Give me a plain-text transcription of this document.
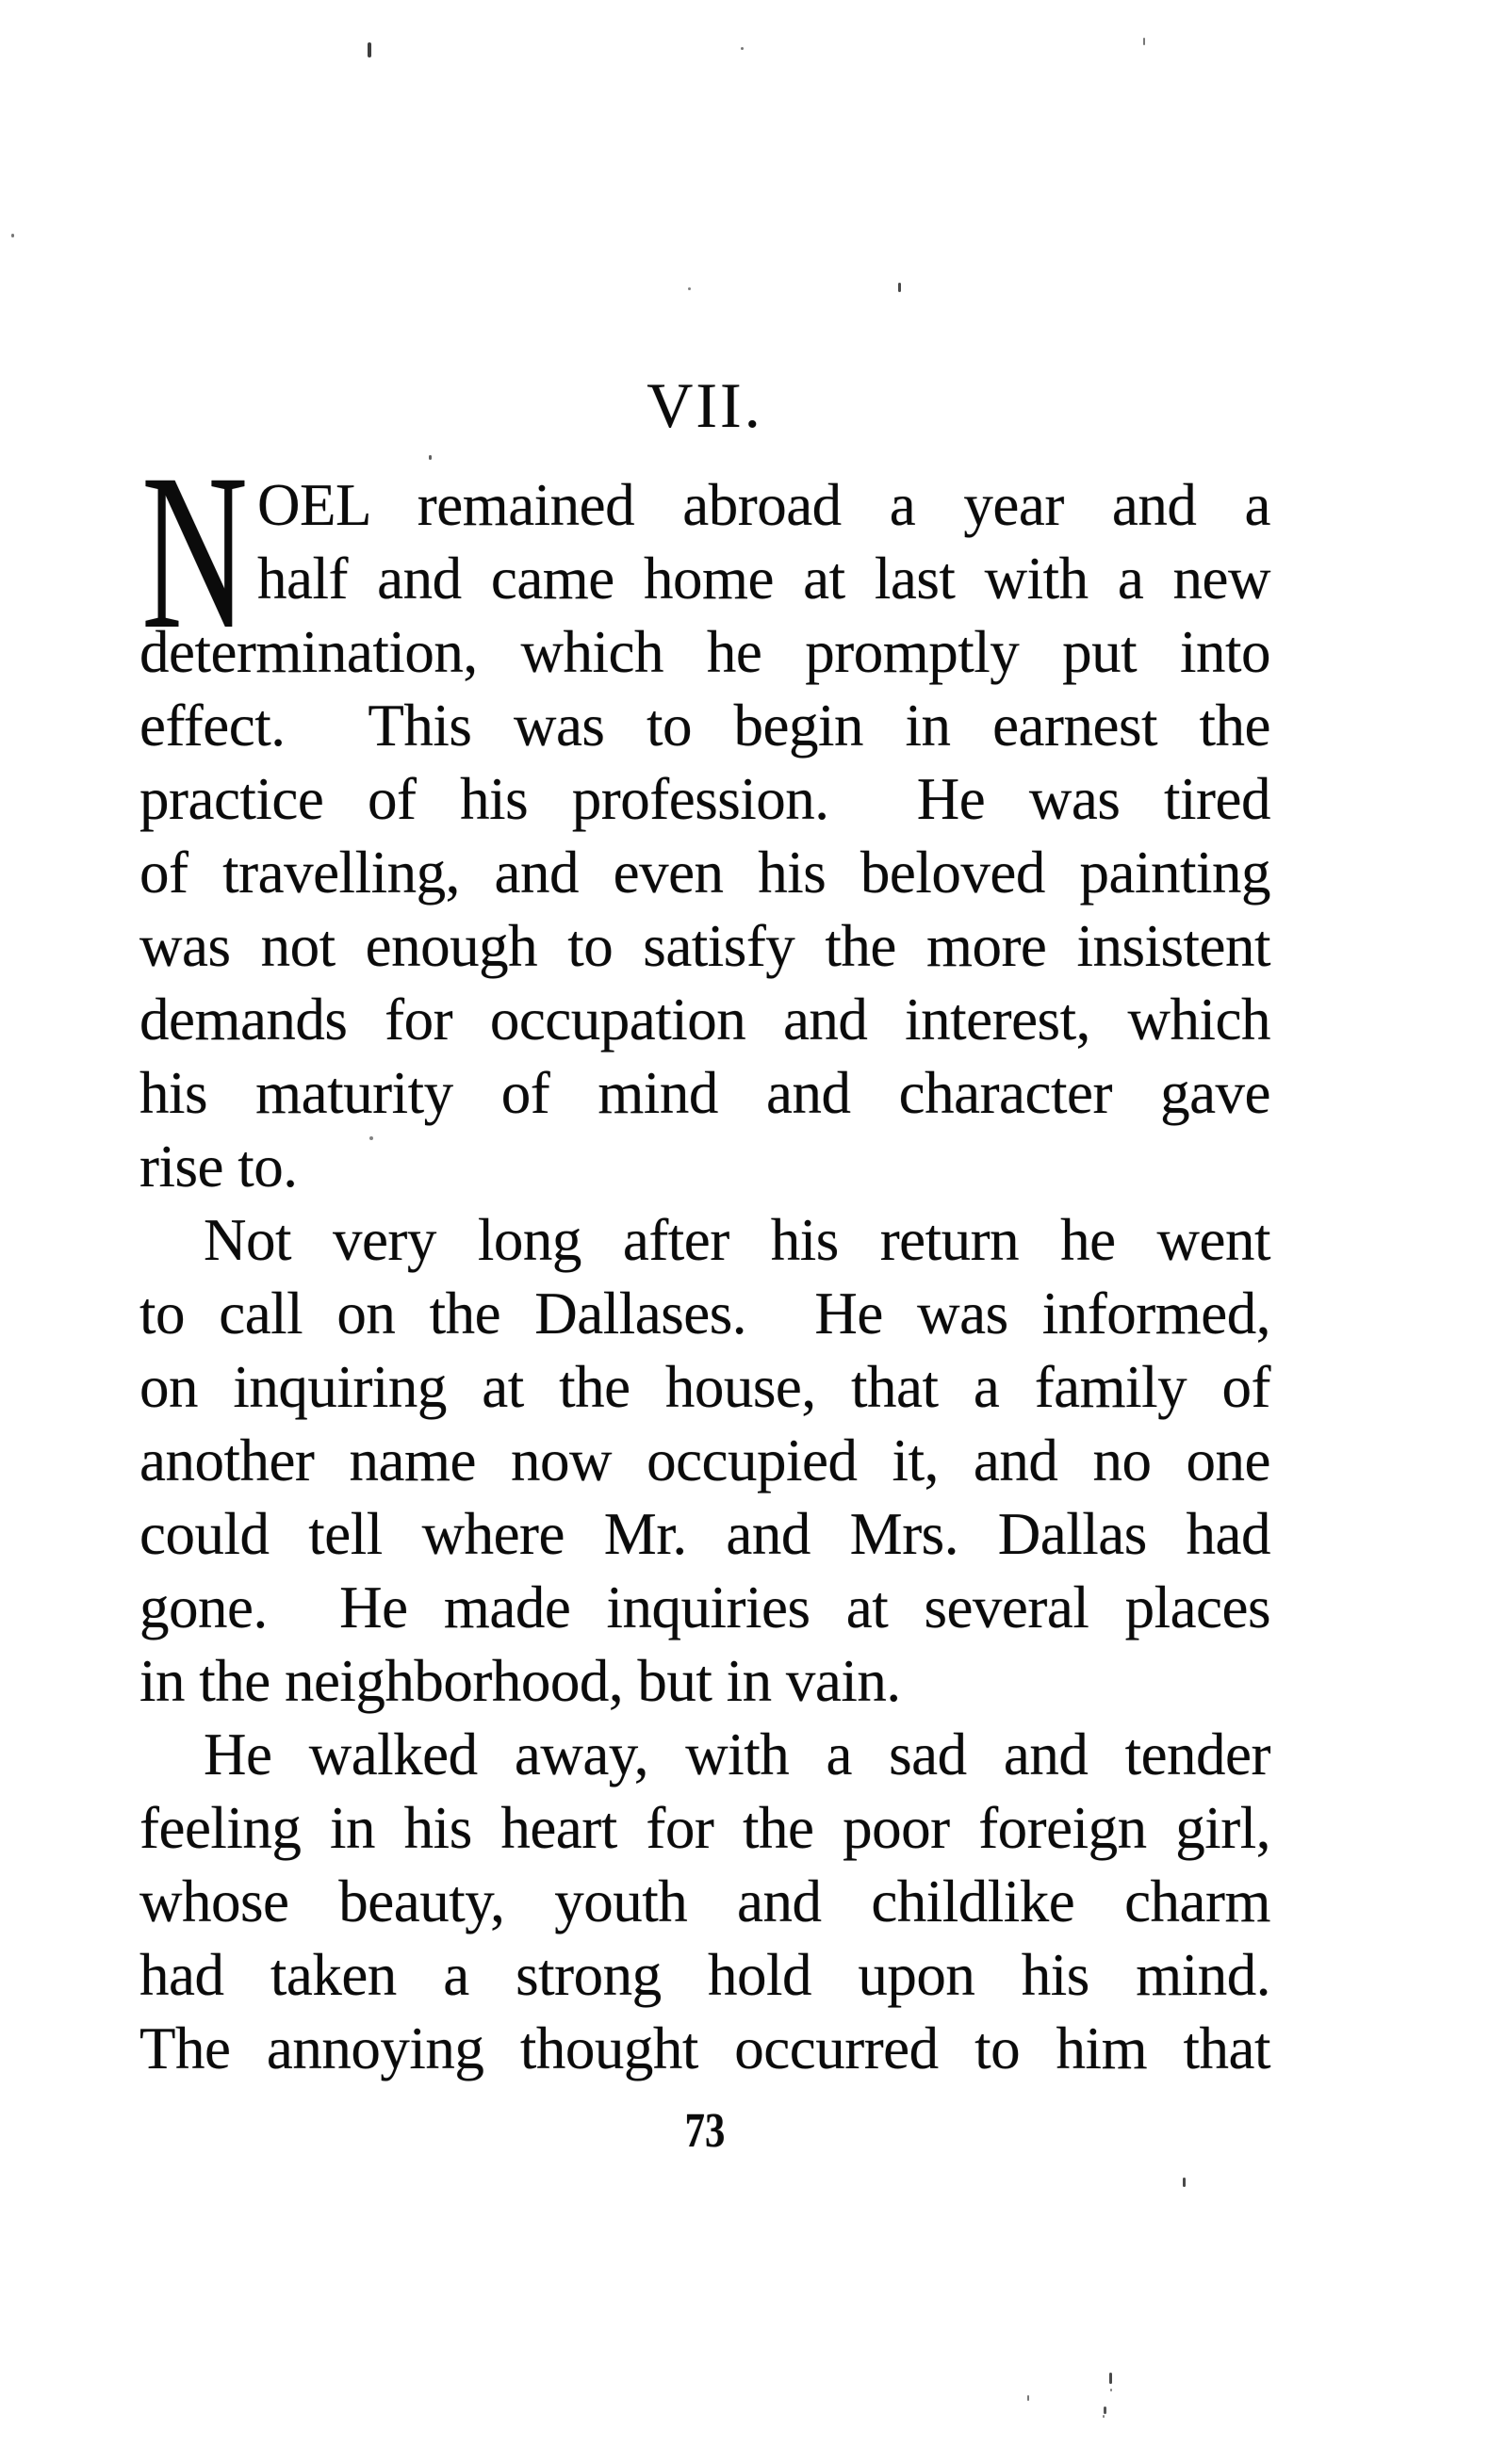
VII.
N OEL remained abroad a year and a
half and came home at last with a new
determination, which he promptly put into
effect.  This was to begin in earnest the
practice of his profession.  He was tired
of travelling, and even his beloved painting
was not enough to satisfy the more insistent
demands for occupation and interest, which
his maturity of mind and character gave
rise to.
Not very long after his return he went
to call on the Dallases.  He was informed,
on inquiring at the house, that a family of
another name now occupied it, and no one
could tell where Mr. and Mrs. Dallas had
gone.  He made inquiries at several places
in the neighborhood, but in vain.
He walked away, with a sad and tender
feeling in his heart for the poor foreign girl,
whose beauty, youth and childlike charm
had taken a strong hold upon his mind.
The annoying thought occurred to him that
73
